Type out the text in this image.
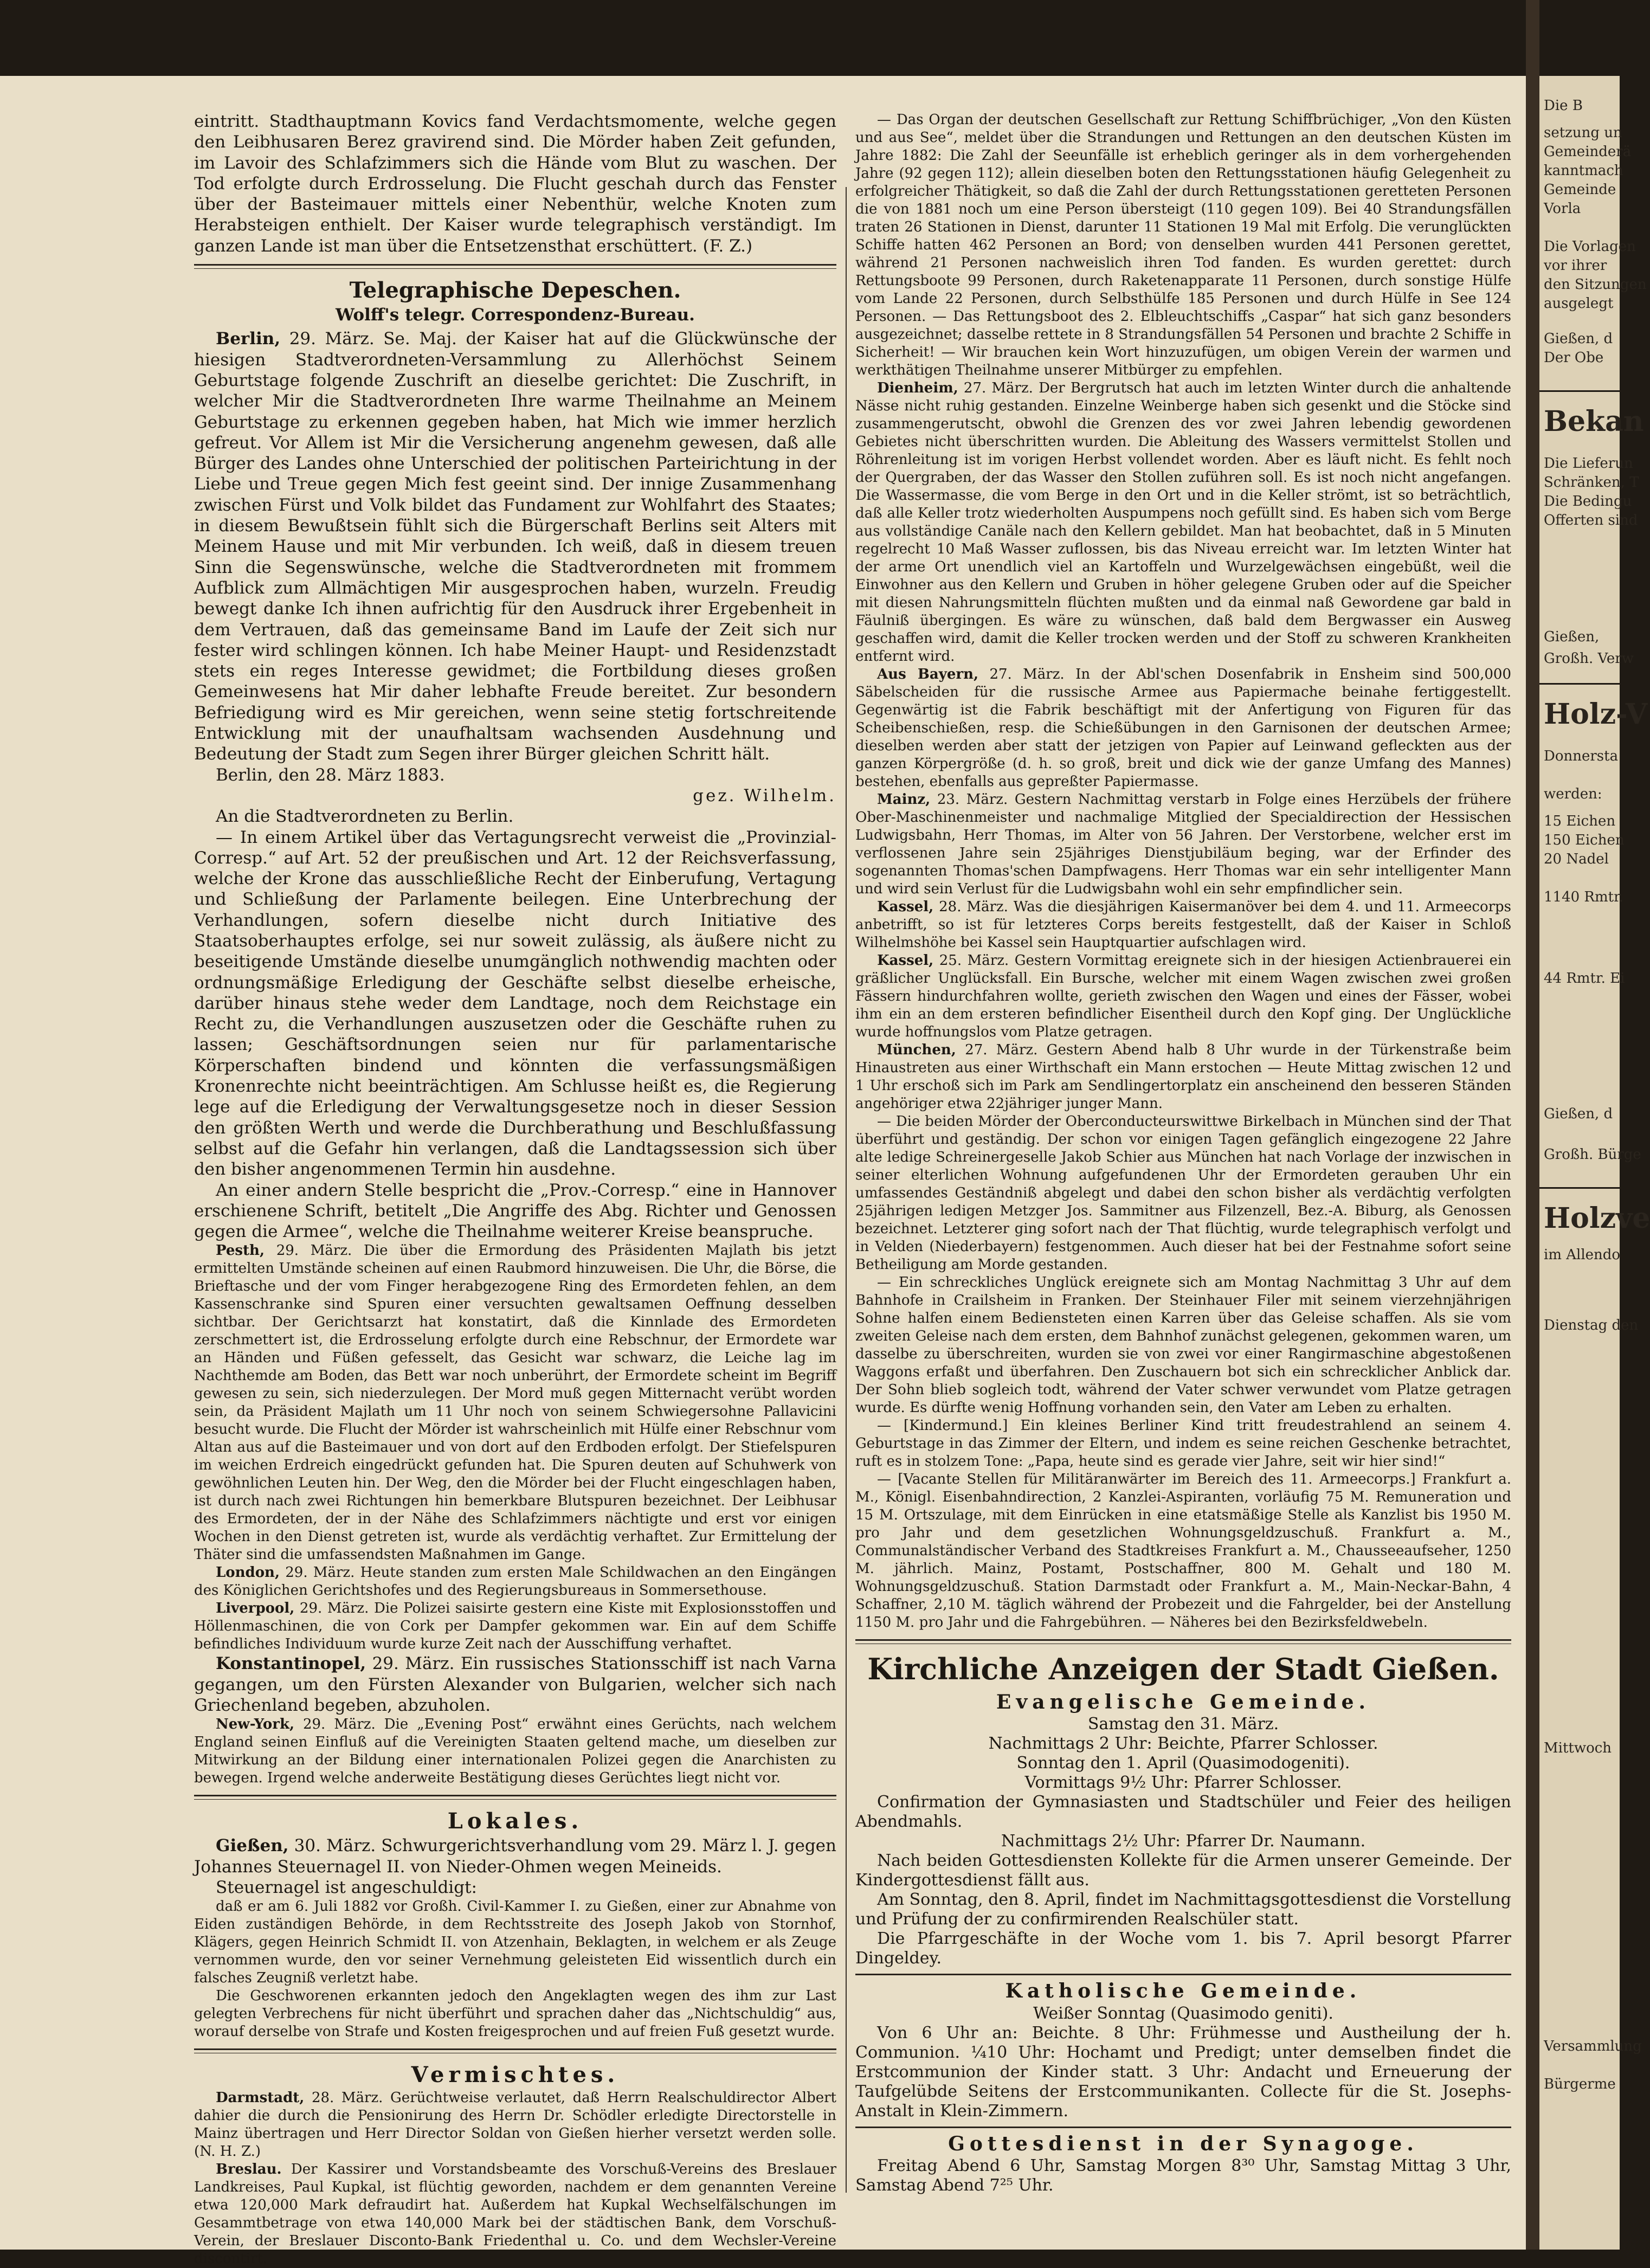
eintritt. Stadthauptmann Kovics fand Verdachtsmomente, welche gegen den Leibhusaren Berez gravirend sind. Die Mörder haben Zeit gefunden, im Lavoir des Schlafzimmers sich die Hände vom Blut zu waschen. Der Tod erfolgte durch Erdrosselung. Die Flucht geschah durch das Fenster über der Basteimauer mittels einer Nebenthür, welche Knoten zum Herabsteigen enthielt. Der Kaiser wurde telegraphisch verständigt. Im ganzen Lande ist man über die Entsetzensthat erschüttert. (F. Z.)

Telegraphische Depeschen.
Wolff's telegr. Correspondenz-Bureau.

Berlin, 29. März. Se. Maj. der Kaiser hat auf die Glückwünsche der hiesigen Stadtverordneten-Versammlung zu Allerhöchst Seinem Geburtstage folgende Zuschrift an dieselbe gerichtet: Die Zuschrift, in welcher Mir die Stadtverordneten Ihre warme Theilnahme an Meinem Geburtstage zu erkennen gegeben haben, hat Mich wie immer herzlich gefreut. Vor Allem ist Mir die Versicherung angenehm gewesen, daß alle Bürger des Landes ohne Unterschied der politischen Parteirichtung in der Liebe und Treue gegen Mich fest geeint sind. Der innige Zusammenhang zwischen Fürst und Volk bildet das Fundament zur Wohlfahrt des Staates; in diesem Bewußtsein fühlt sich die Bürgerschaft Berlins seit Alters mit Meinem Hause und mit Mir verbunden. Ich weiß, daß in diesem treuen Sinn die Segenswünsche, welche die Stadtverordneten mit frommem Aufblick zum Allmächtigen Mir ausgesprochen haben, wurzeln. Freudig bewegt danke Ich ihnen aufrichtig für den Ausdruck ihrer Ergebenheit in dem Vertrauen, daß das gemeinsame Band im Laufe der Zeit sich nur fester wird schlingen können. Ich habe Meiner Haupt- und Residenzstadt stets ein reges Interesse gewidmet; die Fortbildung dieses großen Gemeinwesens hat Mir daher lebhafte Freude bereitet. Zur besondern Befriedigung wird es Mir gereichen, wenn seine stetig fortschreitende Entwicklung mit der unaufhaltsam wachsenden Ausdehnung und Bedeutung der Stadt zum Segen ihrer Bürger gleichen Schritt hält.

Berlin, den 28. März 1883.

gez. Wilhelm.

An die Stadtverordneten zu Berlin.

— In einem Artikel über das Vertagungsrecht verweist die „Provinzial-Corresp.“ auf Art. 52 der preußischen und Art. 12 der Reichsverfassung, welche der Krone das ausschließliche Recht der Einberufung, Vertagung und Schließung der Parlamente beilegen. Eine Unterbrechung der Verhandlungen, sofern dieselbe nicht durch Initiative des Staatsoberhauptes erfolge, sei nur soweit zulässig, als äußere nicht zu beseitigende Umstände dieselbe unumgänglich nothwendig machten oder ordnungsmäßige Erledigung der Geschäfte selbst dieselbe erheische, darüber hinaus stehe weder dem Landtage, noch dem Reichstage ein Recht zu, die Verhandlungen auszusetzen oder die Geschäfte ruhen zu lassen; Geschäftsordnungen seien nur für parlamentarische Körperschaften bindend und könnten die verfassungsmäßigen Kronenrechte nicht beeinträchtigen. Am Schlusse heißt es, die Regierung lege auf die Erledigung der Verwaltungsgesetze noch in dieser Session den größten Werth und werde die Durchberathung und Beschlußfassung selbst auf die Gefahr hin verlangen, daß die Landtagssession sich über den bisher angenommenen Termin hin ausdehne.

An einer andern Stelle bespricht die „Prov.-Corresp.“ eine in Hannover erschienene Schrift, betitelt „Die Angriffe des Abg. Richter und Genossen gegen die Armee“, welche die Theilnahme weiterer Kreise beanspruche.

Pesth, 29. März. Die über die Ermordung des Präsidenten Majlath bis jetzt ermittelten Umstände scheinen auf einen Raubmord hinzuweisen. Die Uhr, die Börse, die Brieftasche und der vom Finger herabgezogene Ring des Ermordeten fehlen, an dem Kassenschranke sind Spuren einer versuchten gewaltsamen Oeffnung desselben sichtbar. Der Gerichtsarzt hat konstatirt, daß die Kinnlade des Ermordeten zerschmettert ist, die Erdrosselung erfolgte durch eine Rebschnur, der Ermordete war an Händen und Füßen gefesselt, das Gesicht war schwarz, die Leiche lag im Nachthemde am Boden, das Bett war noch unberührt, der Ermordete scheint im Begriff gewesen zu sein, sich niederzulegen. Der Mord muß gegen Mitternacht verübt worden sein, da Präsident Majlath um 11 Uhr noch von seinem Schwiegersohne Pallavicini besucht wurde. Die Flucht der Mörder ist wahrscheinlich mit Hülfe einer Rebschnur vom Altan aus auf die Basteimauer und von dort auf den Erdboden erfolgt. Der Stiefelspuren im weichen Erdreich eingedrückt gefunden hat. Die Spuren deuten auf Schuhwerk von gewöhnlichen Leuten hin. Der Weg, den die Mörder bei der Flucht eingeschlagen haben, ist durch nach zwei Richtungen hin bemerkbare Blutspuren bezeichnet. Der Leibhusar des Ermordeten, der in der Nähe des Schlafzimmers nächtigte und erst vor einigen Wochen in den Dienst getreten ist, wurde als verdächtig verhaftet. Zur Ermittelung der Thäter sind die umfassendsten Maßnahmen im Gange.

London, 29. März. Heute standen zum ersten Male Schildwachen an den Eingängen des Königlichen Gerichtshofes und des Regierungsbureaus in Sommersethouse.

Liverpool, 29. März. Die Polizei saisirte gestern eine Kiste mit Explosionsstoffen und Höllenmaschinen, die von Cork per Dampfer gekommen war. Ein auf dem Schiffe befindliches Individuum wurde kurze Zeit nach der Ausschiffung verhaftet.

Konstantinopel, 29. März. Ein russisches Stationsschiff ist nach Varna gegangen, um den Fürsten Alexander von Bulgarien, welcher sich nach Griechenland begeben, abzuholen.

New-York, 29. März. Die „Evening Post“ erwähnt eines Gerüchts, nach welchem England seinen Einfluß auf die Vereinigten Staaten geltend mache, um dieselben zur Mitwirkung an der Bildung einer internationalen Polizei gegen die Anarchisten zu bewegen. Irgend welche anderweite Bestätigung dieses Gerüchtes liegt nicht vor.

Lokales.

Gießen, 30. März. Schwurgerichtsverhandlung vom 29. März l. J. gegen Johannes Steuernagel II. von Nieder-Ohmen wegen Meineids.

Steuernagel ist angeschuldigt:

daß er am 6. Juli 1882 vor Großh. Civil-Kammer I. zu Gießen, einer zur Abnahme von Eiden zuständigen Behörde, in dem Rechtsstreite des Joseph Jakob von Stornhof, Klägers, gegen Heinrich Schmidt II. von Atzenhain, Beklagten, in welchem er als Zeuge vernommen wurde, den vor seiner Vernehmung geleisteten Eid wissentlich durch ein falsches Zeugniß verletzt habe.

Die Geschworenen erkannten jedoch den Angeklagten wegen des ihm zur Last gelegten Verbrechens für nicht überführt und sprachen daher das „Nichtschuldig“ aus, worauf derselbe von Strafe und Kosten freigesprochen und auf freien Fuß gesetzt wurde.

Vermischtes.

Darmstadt, 28. März. Gerüchtweise verlautet, daß Herrn Realschuldirector Albert dahier die durch die Pensionirung des Herrn Dr. Schödler erledigte Directorstelle in Mainz übertragen und Herr Director Soldan von Gießen hierher versetzt werden solle. (N. H. Z.)

Breslau. Der Kassirer und Vorstandsbeamte des Vorschuß-Vereins des Breslauer Landkreises, Paul Kupkal, ist flüchtig geworden, nachdem er dem genannten Vereine etwa 120,000 Mark defraudirt hat. Außerdem hat Kupkal Wechselfälschungen im Gesammtbetrage von etwa 140,000 Mark bei der städtischen Bank, dem Vorschuß-Verein, der Breslauer Disconto-Bank Friedenthal u. Co. und dem Wechsler-Vereine discontirt.

— Das Organ der deutschen Gesellschaft zur Rettung Schiffbrüchiger, „Von den Küsten und aus See“, meldet über die Strandungen und Rettungen an den deutschen Küsten im Jahre 1882: Die Zahl der Seeunfälle ist erheblich geringer als in dem vorhergehenden Jahre (92 gegen 112); allein dieselben boten den Rettungsstationen häufig Gelegenheit zu erfolgreicher Thätigkeit, so daß die Zahl der durch Rettungsstationen geretteten Personen die von 1881 noch um eine Person übersteigt (110 gegen 109). Bei 40 Strandungsfällen traten 26 Stationen in Dienst, darunter 11 Stationen 19 Mal mit Erfolg. Die verunglückten Schiffe hatten 462 Personen an Bord; von denselben wurden 441 Personen gerettet, während 21 Personen nachweislich ihren Tod fanden. Es wurden gerettet: durch Rettungsboote 99 Personen, durch Raketenapparate 11 Personen, durch sonstige Hülfe vom Lande 22 Personen, durch Selbsthülfe 185 Personen und durch Hülfe in See 124 Personen. — Das Rettungsboot des 2. Elbleuchtschiffs „Caspar“ hat sich ganz besonders ausgezeichnet; dasselbe rettete in 8 Strandungsfällen 54 Personen und brachte 2 Schiffe in Sicherheit! — Wir brauchen kein Wort hinzuzufügen, um obigen Verein der warmen und werkthätigen Theilnahme unserer Mitbürger zu empfehlen.

Dienheim, 27. März. Der Bergrutsch hat auch im letzten Winter durch die anhaltende Nässe nicht ruhig gestanden. Einzelne Weinberge haben sich gesenkt und die Stöcke sind zusammengerutscht, obwohl die Grenzen des vor zwei Jahren lebendig gewordenen Gebietes nicht überschritten wurden. Die Ableitung des Wassers vermittelst Stollen und Röhrenleitung ist im vorigen Herbst vollendet worden. Aber es läuft nicht. Es fehlt noch der Quergraben, der das Wasser den Stollen zuführen soll. Es ist noch nicht angefangen. Die Wassermasse, die vom Berge in den Ort und in die Keller strömt, ist so beträchtlich, daß alle Keller trotz wiederholten Auspumpens noch gefüllt sind. Es haben sich vom Berge aus vollständige Canäle nach den Kellern gebildet. Man hat beobachtet, daß in 5 Minuten regelrecht 10 Maß Wasser zuflossen, bis das Niveau erreicht war. Im letzten Winter hat der arme Ort unendlich viel an Kartoffeln und Wurzelgewächsen eingebüßt, weil die Einwohner aus den Kellern und Gruben in höher gelegene Gruben oder auf die Speicher mit diesen Nahrungsmitteln flüchten mußten und da einmal naß Gewordene gar bald in Fäulniß übergingen. Es wäre zu wünschen, daß bald dem Bergwasser ein Ausweg geschaffen wird, damit die Keller trocken werden und der Stoff zu schweren Krankheiten entfernt wird.

Aus Bayern, 27. März. In der Abl'schen Dosenfabrik in Ensheim sind 500,000 Säbelscheiden für die russische Armee aus Papiermache beinahe fertiggestellt. Gegenwärtig ist die Fabrik beschäftigt mit der Anfertigung von Figuren für das Scheibenschießen, resp. die Schießübungen in den Garnisonen der deutschen Armee; dieselben werden aber statt der jetzigen von Papier auf Leinwand gefleckten aus der ganzen Körpergröße (d. h. so groß, breit und dick wie der ganze Umfang des Mannes) bestehen, ebenfalls aus gepreßter Papiermasse.

Mainz, 23. März. Gestern Nachmittag verstarb in Folge eines Herzübels der frühere Ober-Maschinenmeister und nachmalige Mitglied der Specialdirection der Hessischen Ludwigsbahn, Herr Thomas, im Alter von 56 Jahren. Der Verstorbene, welcher erst im verflossenen Jahre sein 25jähriges Dienstjubiläum beging, war der Erfinder des sogenannten Thomas'schen Dampfwagens. Herr Thomas war ein sehr intelligenter Mann und wird sein Verlust für die Ludwigsbahn wohl ein sehr empfindlicher sein.

Kassel, 28. März. Was die diesjährigen Kaisermanöver bei dem 4. und 11. Armeecorps anbetrifft, so ist für letzteres Corps bereits festgestellt, daß der Kaiser in Schloß Wilhelmshöhe bei Kassel sein Hauptquartier aufschlagen wird.

Kassel, 25. März. Gestern Vormittag ereignete sich in der hiesigen Actienbrauerei ein gräßlicher Unglücksfall. Ein Bursche, welcher mit einem Wagen zwischen zwei großen Fässern hindurchfahren wollte, gerieth zwischen den Wagen und eines der Fässer, wobei ihm ein an dem ersteren befindlicher Eisentheil durch den Kopf ging. Der Unglückliche wurde hoffnungslos vom Platze getragen.

München, 27. März. Gestern Abend halb 8 Uhr wurde in der Türkenstraße beim Hinaustreten aus einer Wirthschaft ein Mann erstochen — Heute Mittag zwischen 12 und 1 Uhr erschoß sich im Park am Sendlingertorplatz ein anscheinend den besseren Ständen angehöriger etwa 22jähriger junger Mann.

— Die beiden Mörder der Oberconducteurswittwe Birkelbach in München sind der That überführt und geständig. Der schon vor einigen Tagen gefänglich eingezogene 22 Jahre alte ledige Schreinergeselle Jakob Schier aus München hat nach Vorlage der inzwischen in seiner elterlichen Wohnung aufgefundenen Uhr der Ermordeten gerauben Uhr ein umfassendes Geständniß abgelegt und dabei den schon bisher als verdächtig verfolgten 25jährigen ledigen Metzger Jos. Sammitner aus Filzenzell, Bez.-A. Biburg, als Genossen bezeichnet. Letzterer ging sofort nach der That flüchtig, wurde telegraphisch verfolgt und in Velden (Niederbayern) festgenommen. Auch dieser hat bei der Festnahme sofort seine Betheiligung am Morde gestanden.

— Ein schreckliches Unglück ereignete sich am Montag Nachmittag 3 Uhr auf dem Bahnhofe in Crailsheim in Franken. Der Steinhauer Filer mit seinem vierzehnjährigen Sohne halfen einem Bediensteten einen Karren über das Geleise schaffen. Als sie vom zweiten Geleise nach dem ersten, dem Bahnhof zunächst gelegenen, gekommen waren, um dasselbe zu überschreiten, wurden sie von zwei vor einer Rangirmaschine abgestoßenen Waggons erfaßt und überfahren. Den Zuschauern bot sich ein schrecklicher Anblick dar. Der Sohn blieb sogleich todt, während der Vater schwer verwundet vom Platze getragen wurde. Es dürfte wenig Hoffnung vorhanden sein, den Vater am Leben zu erhalten.

— [Kindermund.] Ein kleines Berliner Kind tritt freudestrahlend an seinem 4. Geburtstage in das Zimmer der Eltern, und indem es seine reichen Geschenke betrachtet, ruft es in stolzem Tone: „Papa, heute sind es gerade vier Jahre, seit wir hier sind!“

— [Vacante Stellen für Militäranwärter im Bereich des 11. Armeecorps.] Frankfurt a. M., Königl. Eisenbahndirection, 2 Kanzlei-Aspiranten, vorläufig 75 M. Remuneration und 15 M. Ortszulage, mit dem Einrücken in eine etatsmäßige Stelle als Kanzlist bis 1950 M. pro Jahr und dem gesetzlichen Wohnungsgeldzuschuß. Frankfurt a. M., Communalständischer Verband des Stadtkreises Frankfurt a. M., Chausseeaufseher, 1250 M. jährlich. Mainz, Postamt, Postschaffner, 800 M. Gehalt und 180 M. Wohnungsgeldzuschuß. Station Darmstadt oder Frankfurt a. M., Main-Neckar-Bahn, 4 Schaffner, 2,10 M. täglich während der Probezeit und die Fahrgelder, bei der Anstellung 1150 M. pro Jahr und die Fahrgebühren. — Näheres bei den Bezirksfeldwebeln.

Kirchliche Anzeigen der Stadt Gießen.
Evangelische Gemeinde.
Samstag den 31. März.
Nachmittags 2 Uhr: Beichte, Pfarrer Schlosser.
Sonntag den 1. April (Quasimodogeniti).
Vormittags 9½ Uhr: Pfarrer Schlosser.

Confirmation der Gymnasiasten und Stadtschüler und Feier des heiligen Abendmahls.

Nachmittags 2½ Uhr: Pfarrer Dr. Naumann.

Nach beiden Gottesdiensten Kollekte für die Armen unserer Gemeinde. Der Kindergottesdienst fällt aus.

Am Sonntag, den 8. April, findet im Nachmittagsgottesdienst die Vorstellung und Prüfung der zu confirmirenden Realschüler statt.

Die Pfarrgeschäfte in der Woche vom 1. bis 7. April besorgt Pfarrer Dingeldey.

Katholische Gemeinde.
Weißer Sonntag (Quasimodo geniti).

Von 6 Uhr an: Beichte. 8 Uhr: Frühmesse und Austheilung der h. Communion. ¼10 Uhr: Hochamt und Predigt; unter demselben findet die Erstcommunion der Kinder statt. 3 Uhr: Andacht und Erneuerung der Taufgelübde Seitens der Erstcommunikanten. Collecte für die St. Josephs-Anstalt in Klein-Zimmern.

Gottesdienst in der Synagoge.

Freitag Abend 6 Uhr, Samstag Morgen 8³⁰ Uhr, Samstag Mittag 3 Uhr, Samstag Abend 7²⁵ Uhr.

Die B
setzung un
Gemeinderä
kanntmach
Gemeinde
Vorla
Die Vorlagen
vor ihrer
den Sitzungen
ausgelegt
Gießen, d
Der Obe
Bekan
Die Lieferun
Schränken, T
Die Bedingu
Offerten sind
Gießen,
Großh. Verw
Holz-V
Donnersta
werden:
15 Eichen
150 Eichen
20 Nadel
1140 Rmtr.
44 Rmtr. Ei
Gießen, d
Großh. Bürge
Holzve
im Allendo
Dienstag den
Mittwoch
Versammlung
Bürgerme
